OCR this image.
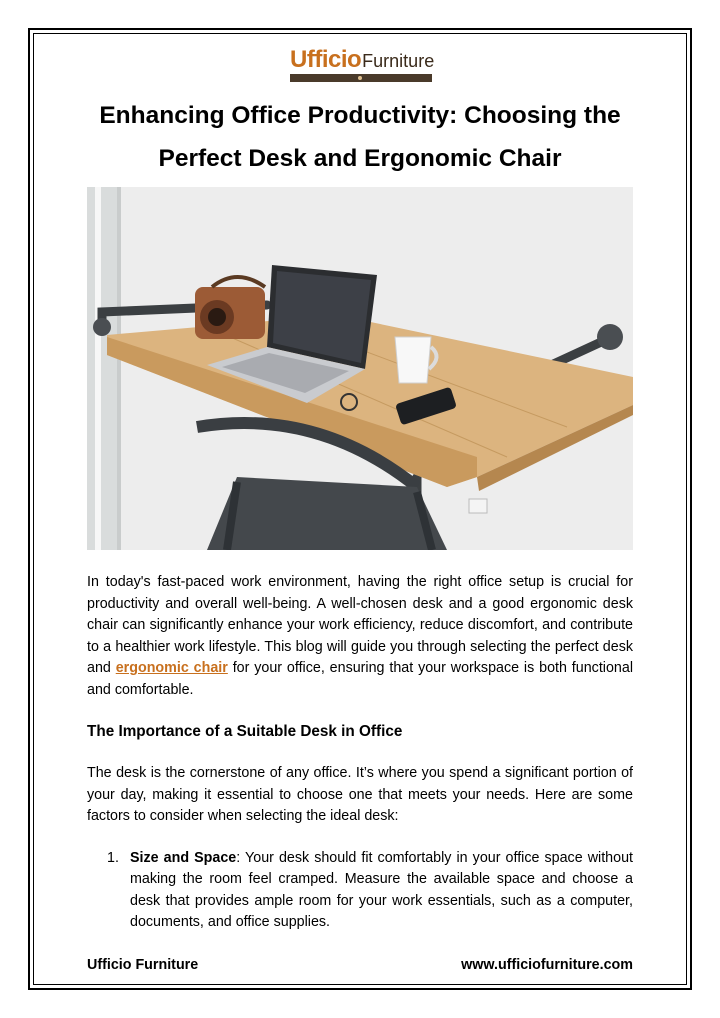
Ufficio Furniture
Enhancing Office Productivity: Choosing the Perfect Desk and Ergonomic Chair

In today's fast-paced work environment, having the right office setup is crucial for productivity and overall well-being. A well-chosen desk and a good ergonomic desk chair can significantly enhance your work efficiency, reduce discomfort, and contribute to a healthier work lifestyle. This blog will guide you through selecting the perfect desk and ergonomic chair for your office, ensuring that your workspace is both functional and comfortable.

The Importance of a Suitable Desk in Office

The desk is the cornerstone of any office. It’s where you spend a significant portion of your day, making it essential to choose one that meets your needs. Here are some factors to consider when selecting the ideal desk:

1. Size and Space: Your desk should fit comfortably in your office space without making the room feel cramped. Measure the available space and choose a desk that provides ample room for your work essentials, such as a computer, documents, and office supplies.
Ufficio Furniture	www.ufficiofurniture.com
